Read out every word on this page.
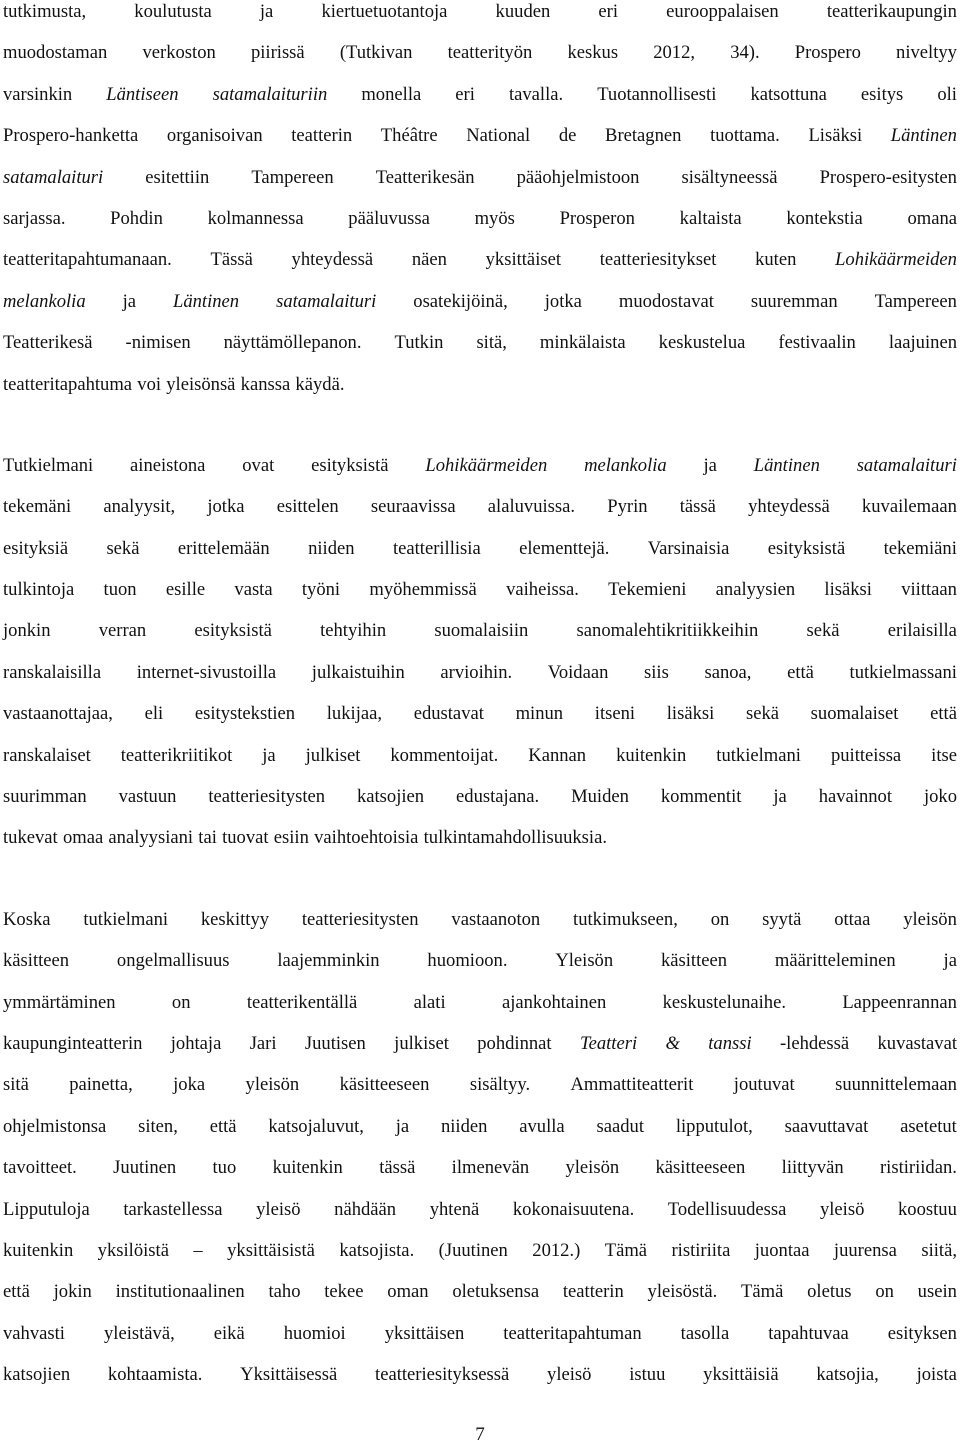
tutkimusta,	koulutusta	ja	kiertuetuotantoja	kuuden	eri	eurooppalaisen	teatterikaupungin
muodostaman verkoston piirissä (Tutkivan teatterityön keskus 2012, 34). Prospero niveltyy
varsinkin Läntiseen satamalaituriin monella eri tavalla. Tuotannollisesti katsottuna esitys oli
Prospero-hanketta organisoivan teatterin Théâtre National de Bretagnen tuottama. Lisäksi Läntinen
satamalaituri esitettiin Tampereen Teatterikesän pääohjelmistoon sisältyneessä Prospero-esitysten
sarjassa. Pohdin kolmannessa pääluvussa myös Prosperon kaltaista kontekstia omana
teatteritapahtumanaan. Tässä yhteydessä näen yksittäiset teatteriesitykset kuten Lohikäärmeiden
melankolia ja Läntinen satamalaituri osatekijöinä, jotka muodostavat suuremman Tampereen
Teatterikesä -nimisen näyttämöllepanon. Tutkin sitä, minkälaista keskustelua festivaalin laajuinen
teatteritapahtuma voi yleisönsä kanssa käydä.
Tutkielmani aineistona ovat esityksistä Lohikäärmeiden melankolia ja Läntinen satamalaituri
tekemäni analyysit, jotka esittelen seuraavissa alaluvuissa. Pyrin tässä yhteydessä kuvailemaan
esityksiä sekä erittelemään niiden teatterillisia elementtejä. Varsinaisia esityksistä tekemiäni
tulkintoja tuon esille vasta työni myöhemmissä vaiheissa. Tekemieni analyysien lisäksi viittaan
jonkin	verran	esityksistä	tehtyihin	suomalaisiin	sanomalehtikritiikkeihin	sekä	erilaisilla
ranskalaisilla internet-sivustoilla julkaistuihin arvioihin. Voidaan siis sanoa, että tutkielmassani
vastaanottajaa, eli esitystekstien lukijaa, edustavat minun itseni lisäksi sekä suomalaiset että
ranskalaiset teatterikriitikot ja julkiset kommentoijat. Kannan kuitenkin tutkielmani puitteissa itse
suurimman vastuun teatteriesitysten katsojien edustajana. Muiden kommentit ja havainnot joko
tukevat omaa analyysiani tai tuovat esiin vaihtoehtoisia tulkintamahdollisuuksia.
Koska tutkielmani keskittyy teatteriesitysten vastaanoton tutkimukseen, on syytä ottaa yleisön
käsitteen	ongelmallisuus	laajemminkin	huomioon.	Yleisön	käsitteen	määritteleminen	ja
ymmärtäminen	on	teatterikentällä	alati	ajankohtainen	keskustelunaihe.	Lappeenrannan
kaupunginteatterin johtaja Jari Juutisen julkiset pohdinnat Teatteri & tanssi -lehdessä kuvastavat
sitä painetta, joka yleisön käsitteeseen sisältyy. Ammattiteatterit joutuvat suunnittelemaan
ohjelmistonsa siten, että katsojaluvut, ja niiden avulla saadut lipputulot, saavuttavat asetetut
tavoitteet. Juutinen tuo kuitenkin tässä ilmenevän yleisön käsitteeseen liittyvän ristiriidan.
Lipputuloja tarkastellessa yleisö nähdään yhtenä kokonaisuutena. Todellisuudessa yleisö koostuu
kuitenkin yksilöistä – yksittäisistä katsojista. (Juutinen 2012.) Tämä ristiriita juontaa juurensa siitä,
että jokin institutionaalinen taho tekee oman oletuksensa teatterin yleisöstä. Tämä oletus on usein
vahvasti yleistävä, eikä huomioi yksittäisen teatteritapahtuman tasolla tapahtuvaa esityksen
katsojien kohtaamista. Yksittäisessä teatteriesityksessä yleisö istuu yksittäisiä katsojia, joista
7
